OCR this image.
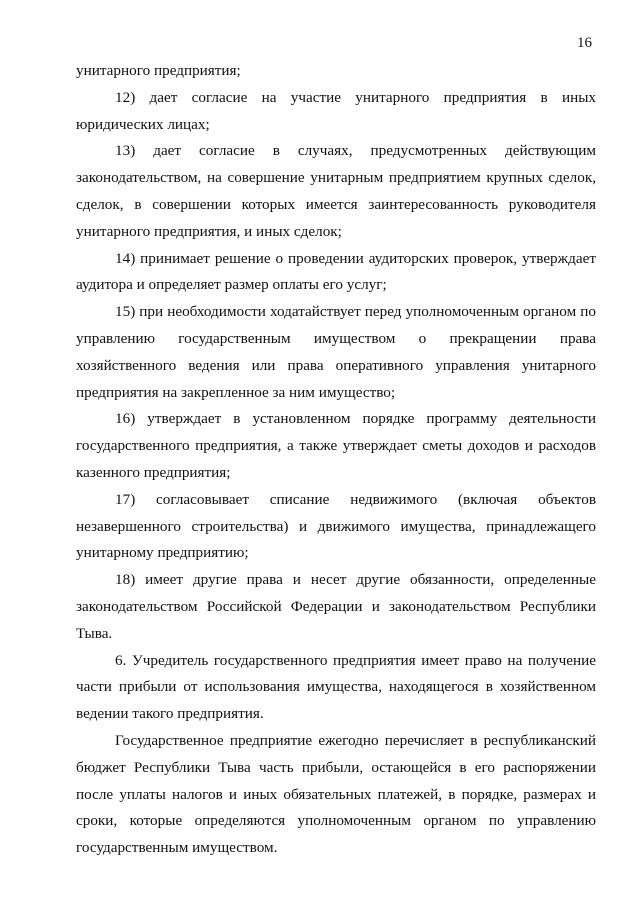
16

унитарного предприятия;

12) дает согласие на участие унитарного предприятия в иных юридических лицах;

13) дает согласие в случаях, предусмотренных действующим законодательством, на совершение унитарным предприятием крупных сделок, сделок, в совершении которых имеется заинтересованность руководителя унитарного предприятия, и иных сделок;

14) принимает решение о проведении аудиторских проверок, утверждает аудитора и определяет размер оплаты его услуг;

15) при необходимости ходатайствует перед уполномоченным органом по управлению государственным имуществом о прекращении права хозяйственного ведения или права оперативного управления унитарного предприятия на закрепленное за ним имущество;

16) утверждает в установленном порядке программу деятельности государственного предприятия, а также утверждает сметы доходов и расходов казенного предприятия;

17) согласовывает списание недвижимого (включая объектов незавершенного строительства) и движимого имущества, принадлежащего унитарному предприятию;

18) имеет другие права и несет другие обязанности, определенные законодательством Российской Федерации и законодательством Республики Тыва.

6. Учредитель государственного предприятия имеет право на получение части прибыли от использования имущества, находящегося в хозяйственном ведении такого предприятия.

Государственное предприятие ежегодно перечисляет в республиканский бюджет Республики Тыва часть прибыли, остающейся в его распоряжении после уплаты налогов и иных обязательных платежей, в порядке, размерах и сроки, которые определяются уполномоченным органом по управлению государственным имуществом.
